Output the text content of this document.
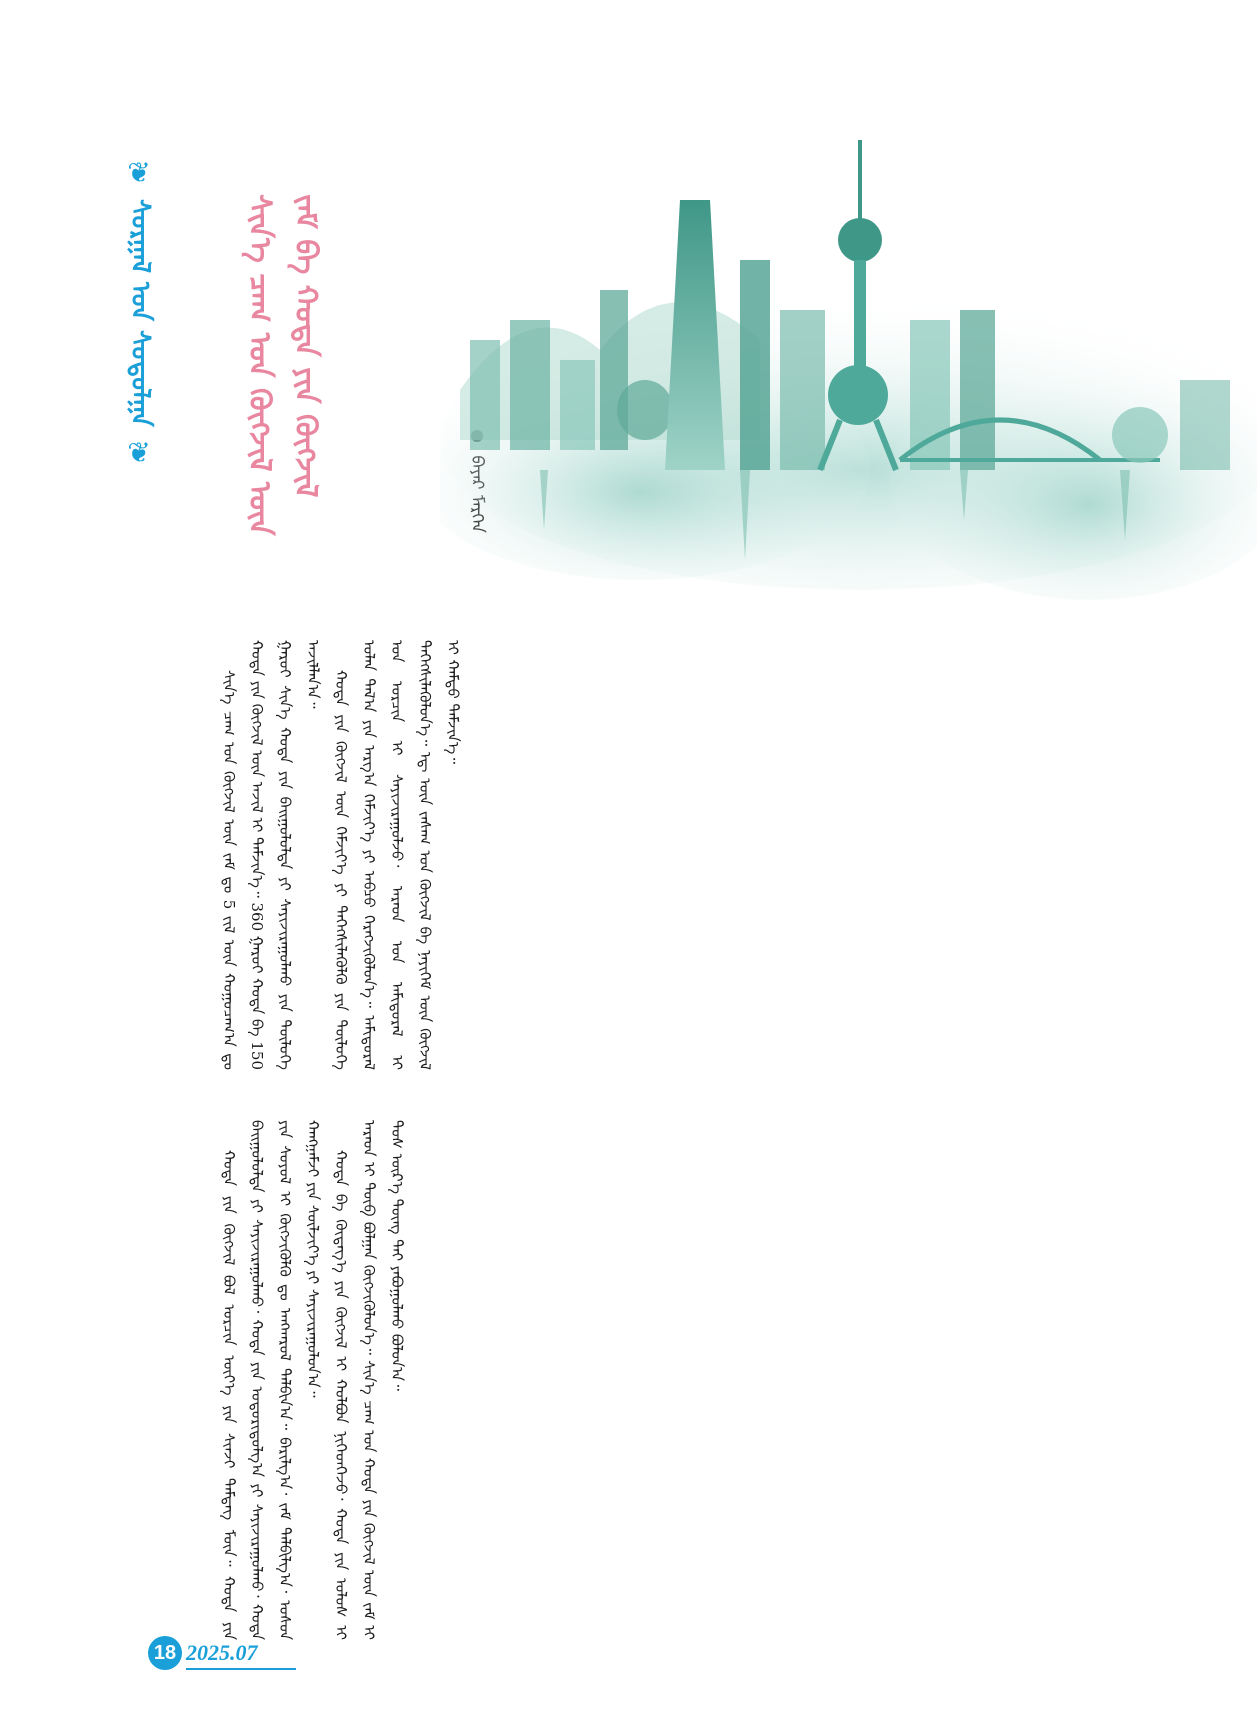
❦
ᠰᠤᠷᠭᠠᠯ ᠤᠨ ᠰᠤᠳᠤᠯᠭᠠ
❦	ᠰᠢᠨ᠎ᠡ ᠴᠠᠭ ᠤᠨ ᠬᠥᠭᠵᠢᠯ ᠦᠨ ᠵᠠᠮ ᠪᠠ ᠬᠣᠲᠠ ᠶᠢᠨ ᠬᠥᠭᠵᠢᠯ

ᠰᠢᠨ᠎ᠡ ᠴᠠᠭ ᠤᠨ ᠬᠥᠭᠵᠢᠯ ᠦᠨ ᠵᠠᠮ ᠳᠤ 5 ᠵᠢᠯ ᠦᠨ ᠬᠤᠭᠤᠴᠠᠭ᠎ᠠ ᠳᠤ ᠬᠣᠲᠠ ᠶᠢᠨ ᠬᠥᠭᠵᠢᠯ ᠦᠨ ᠠᠵᠢᠯ ᠢ ᠳᠡᠮᠵᠢᠨ᠎ᠡ᠃ 360 ᠭᠠᠷᠤᠢ ᠬᠣᠲᠠ ᠪᠠ 150 ᠭᠠᠷᠤᠢ ᠰᠢᠨ᠎ᠡ ᠬᠣᠲᠠ ᠶᠢᠨ ᠪᠠᠢᠭᠤᠯᠤᠯᠲᠠ ᠶᠢ ᠰᠠᠶᠢᠵᠢᠷᠠᠭᠤᠯᠬᠤ ᠶᠢᠨ ᠲᠥᠯᠦᠭᠡ ᠠᠵᠢᠯᠯᠠᠨ᠎ᠠ᠃ ᠬᠣᠲᠠ ᠶᠢᠨ ᠬᠥᠭᠵᠢᠯ ᠦᠨ ᠬᠡᠮᠵᠢᠶ᠎ᠡ ᠶᠢ ᠳᠡᠭᠡᠭᠰᠢᠯᠡᠭᠦᠯᠬᠦ ᠶᠢᠨ ᠲᠥᠯᠦᠭᠡ ᠣᠯᠠᠨ ᠲᠠᠯ᠎ᠠ ᠶᠢᠨ ᠠᠷᠭ᠎ᠠ ᠬᠡᠮᠵᠢᠶ᠎ᠡ ᠶᠢ ᠠᠪᠴᠤ ᠬᠡᠷᠡᠭᠵᠢᠭᠦᠯᠦᠨ᠎ᠡ᠃ ᠠᠮᠢᠳᠤᠷᠠᠯ ᠤᠨ ᠣᠷᠴᠢᠨ ᠢ ᠰᠠᠶᠢᠵᠢᠷᠠᠭᠤᠯᠵᠤ᠂ ᠠᠷᠠᠳ ᠤᠨ ᠠᠮᠢᠳᠤᠷᠠᠯ ᠢ ᠳᠡᠭᠡᠭᠰᠢᠯᠡᠭᠦᠯᠦᠨ᠎ᠡ᠃ ᠡᠳ᠋ ᠦᠨ ᠵᠠᠰᠠᠭ ᠤᠨ ᠬᠥᠭᠵᠢᠯ ᠪᠠ ᠨᠡᠶᠢᠭᠡᠮ ᠦᠨ ᠬᠥᠭᠵᠢᠯ ᠢ ᠬᠠᠮᠲᠤ ᠳᠡᠮᠵᠢᠨ᠎ᠡ᠃

ᠬᠣᠲᠠ ᠶᠢᠨ ᠬᠥᠭᠵᠢᠯ ᠪᠣᠯ ᠣᠷᠴᠢᠨ ᠦᠶ᠎ᠡ ᠶᠢᠨ ᠰᠢᠨᠵᠢ ᠲᠡᠮᠳᠡᠭ ᠮᠥᠨ᠃ ᠬᠣᠲᠠ ᠶᠢᠨ ᠪᠠᠢᠭᠤᠯᠤᠯᠲᠠ ᠶᠢ ᠰᠠᠶᠢᠵᠢᠷᠠᠭᠤᠯᠬᠤ᠂ ᠬᠣᠲᠠ ᠶᠢᠨ ᠤᠳᠤᠷᠢᠳᠤᠯᠭ᠎ᠠ ᠶᠢ ᠰᠠᠶᠢᠵᠢᠷᠠᠭᠤᠯᠬᠤ᠂ ᠬᠣᠲᠠ ᠶᠢᠨ ᠰᠣᠶᠣᠯ ᠢ ᠬᠥᠭᠵᠢᠭᠦᠯᠬᠦ ᠳᠤ ᠠᠩᠬᠠᠷᠤᠯ ᠲᠠᠯᠪᠢᠨ᠎ᠠ᠃ ᠪᠠᠷᠢᠯᠭ᠎ᠠ᠂ ᠵᠠᠮ ᠲᠠᠯᠪᠢᠯᠭ᠎ᠠ᠂ ᠤᠰᠤᠨ ᠬᠠᠩᠭᠠᠮᠵᠢ ᠶᠢᠨ ᠰᠦᠯᠵᠢᠶ᠎ᠡ ᠶᠢ ᠰᠠᠶᠢᠵᠢᠷᠠᠭᠤᠯᠤᠨ᠎ᠠ᠃ ᠬᠣᠲᠠ ᠪᠠ ᠬᠥᠳᠡᠭ᠎ᠡ ᠶᠢᠨ ᠬᠥᠭᠵᠢᠯ ᠢ ᠬᠣᠯᠪᠣᠨ ᠨᠢᠭᠡᠳᠭᠡᠵᠦ᠂ ᠬᠣᠲᠠ ᠶᠢᠨ ᠤᠯᠤᠰ ᠢ ᠠᠷᠠᠳ ᠢ ᠲᠦᠪ ᠪᠣᠯᠭᠠᠨ ᠬᠥᠭᠵᠢᠭᠦᠯᠦᠨ᠎ᠡ᠃ ᠰᠢᠨ᠎ᠡ ᠴᠠᠭ ᠤᠨ ᠬᠣᠲᠠ ᠶᠢᠨ ᠬᠥᠭᠵᠢᠯ ᠦᠨ ᠵᠠᠮ ᠢ ᠲᠤᠰ ᠦᠷ᠎ᠡ ᠳᠦᠩ ᠲᠡᠢ ᠶᠠᠪᠤᠭᠤᠯᠬᠤ ᠪᠣᠯᠤᠨ᠎ᠠ᠃

18 2025.07
